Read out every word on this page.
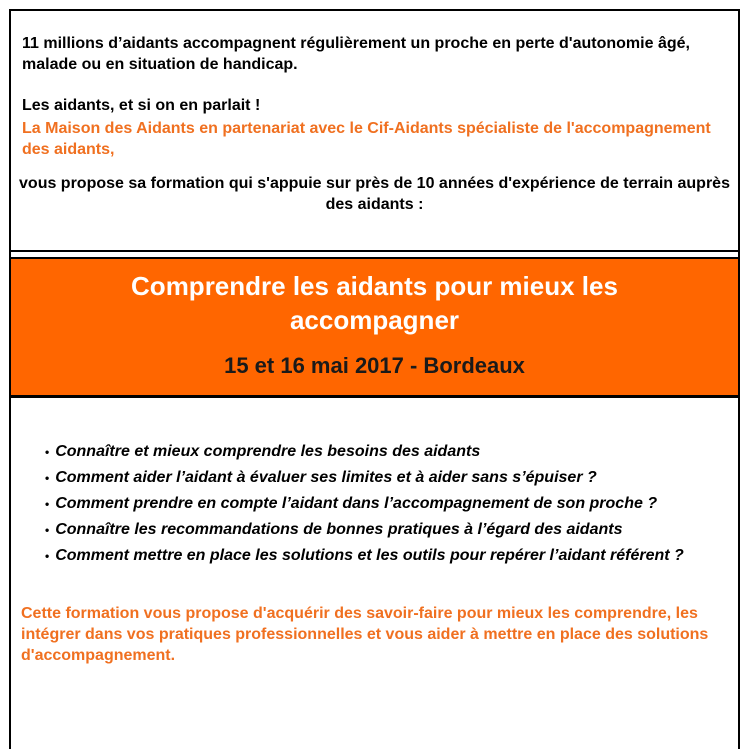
11 millions d’aidants accompagnent régulièrement un proche en perte d'autonomie âgé, malade ou en situation de handicap.

Les aidants, et si on en parlait !

La Maison des Aidants en partenariat avec le Cif-Aidants spécialiste de l'accompagnement des aidants,

vous propose sa formation qui s'appuie sur près de 10 années d'expérience de terrain auprès des aidants :

Comprendre les aidants pour mieux les accompagner
15 et 16 mai 2017 - Bordeaux
• Connaître et mieux comprendre les besoins des aidants
• Comment aider l’aidant à évaluer ses limites et à aider sans s’épuiser ?
• Comment prendre en compte l’aidant dans l’accompagnement de son proche ?
• Connaître les recommandations de bonnes pratiques à l’égard des aidants
• Comment mettre en place les solutions et les outils pour repérer l’aidant référent ?

Cette formation vous propose d'acquérir des savoir-faire pour mieux les comprendre, les intégrer dans vos pratiques professionnelles et vous aider à mettre en place des solutions d'accompagnement.
